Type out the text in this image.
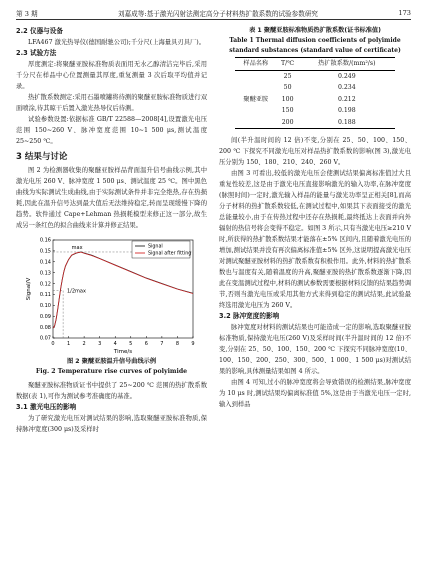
第 3 期	刘嘉成等:基于激光闪射法测定高分子材料热扩散系数的试验参数研究	173
2.2 仪器与设备
LFA467 激光热导仪(德国耐驰公司);千分尺(上海量具刃具厂)。
2.3 试验方法
厚度测定:将聚醚亚胺标准物质表面用无水乙醇清洁完毕后,采用千分尺在样品中心位置测量其厚度,重复测量 3 次后取平均值并记录。
热扩散系数测定:采用石墨喷罐将待测的聚醚亚胺标准物质进行双面喷涂,待其晾干后置入激光热导仪后待测。
试验参数设置:依据标准 GB/T 22588—2008[4],设置激光电压范围 150~260 V、脉冲宽度范围 10~1 500 μs,测试温度 25~250 ℃。
3 结果与讨论
图 2 为检测器收集的聚醚亚胺样品背面温升信号曲线示例,其中激光电压 260 V、脉冲宽度 1 500 μs、测试温度 25 ℃。图中黑色曲线为实际测试生成曲线,由于实际测试条件并非完全绝热,存在热损耗,因此在温升信号达到最大值后无法维持稳定,转而呈现缓慢下降的趋势。软件通过 Cape+Lehman 热损耗模型来修正这一部分,故生成另一条红色的拟合曲线来计算并修正结果。
0 1 2 3 4 5 6 7 8 9
0.07
0.08
0.09
0.10
0.11
0.12
0.13
0.14
0.15
0.16
Time/s
Signal/V
max
1/2max
Signal
Signal after fitting
图 2 聚醚亚胺温升信号曲线示例
Fig. 2 Temperature rise curves of polyimide
聚醚亚胺标准物质证书中提供了 25~200 ℃ 范围的热扩散系数数据(表 1),可作为测试参考准确度的基准。
3.1 激光电压的影响
为了研究激光电压对测试结果的影响,选取聚醚亚胺标准物质,保持脉冲宽度(300 μs)及采样时
表 1 聚醚亚胺标准物质热扩散系数(证书标准值)
Table 1 Thermal diffusion coefficients of polyimide
standard substances (standard value of certificate)
样品名称	T/℃	热扩散系数/(mm²/s)
聚醚亚胺	25	0.249
	50	0.234
	100	0.212
	150	0.198
	200	0.188
间(半升温时间的 12 倍)不变,分别在 25、50、100、150、200 ℃ 下探究不同激光电压对样品热扩散系数的影响(图 3),激光电压分别为 150、180、210、240、260 V。
由图 3 可看出,较低的激光电压会使测试结果偏离标准值过大且重复性较差,这是由于激光电压直接影响激光的输入功率,在脉冲宽度(脉照时间)一定时,激光输入样品的能量与激光功率呈正相关[8],而高分子材料的热扩散系数较低,在测试过程中,如果其下表面接受的激光总能量较小,由于在传热过程中还存在热损耗,最终抵达上表面并向外辐射的热信号将会变得不稳定。如图 3 所示,只有当激光电压≥210 V 时,所获得的热扩散系数结果才能落在±5% 区间内,且随着激光电压的增加,测试结果并没有再次偏离标准值±5% 区外,这说明提高激光电压对测试聚醚亚胺材料的热扩散系数有积极作用。此外,材料的热扩散系数也与温度有关,随着温度的升高,聚醚亚胺的热扩散系数逐渐下降,因此在变温测试过程中,材料的测试参数需要根据材料反馈的结果趋势调节,否则当激光电压或采用其他方式来得到稳定的测试结果,此试验最终选用激光电压为 260 V。
3.2 脉冲宽度的影响
脉冲宽度对材料的测试结果也可能造成一定的影响,选取聚醚亚胺标准物质,保持激光电压(260 V)及采样时间(半升温时间的 12 倍)不变,分别在 25、50、100、150、200 ℃ 下探究不同脉冲宽度(10、100、150、200、250、300、500、1 000、1 500 μs)对测试结果的影响,具体测量结果如图 4 所示。
由图 4 可知,过小的脉冲宽度将会导致错误的检测结果,脉冲宽度为 10 μs 时,测试结果均偏离标准值 5%,这是由于当激光电压一定时,输入到样品
